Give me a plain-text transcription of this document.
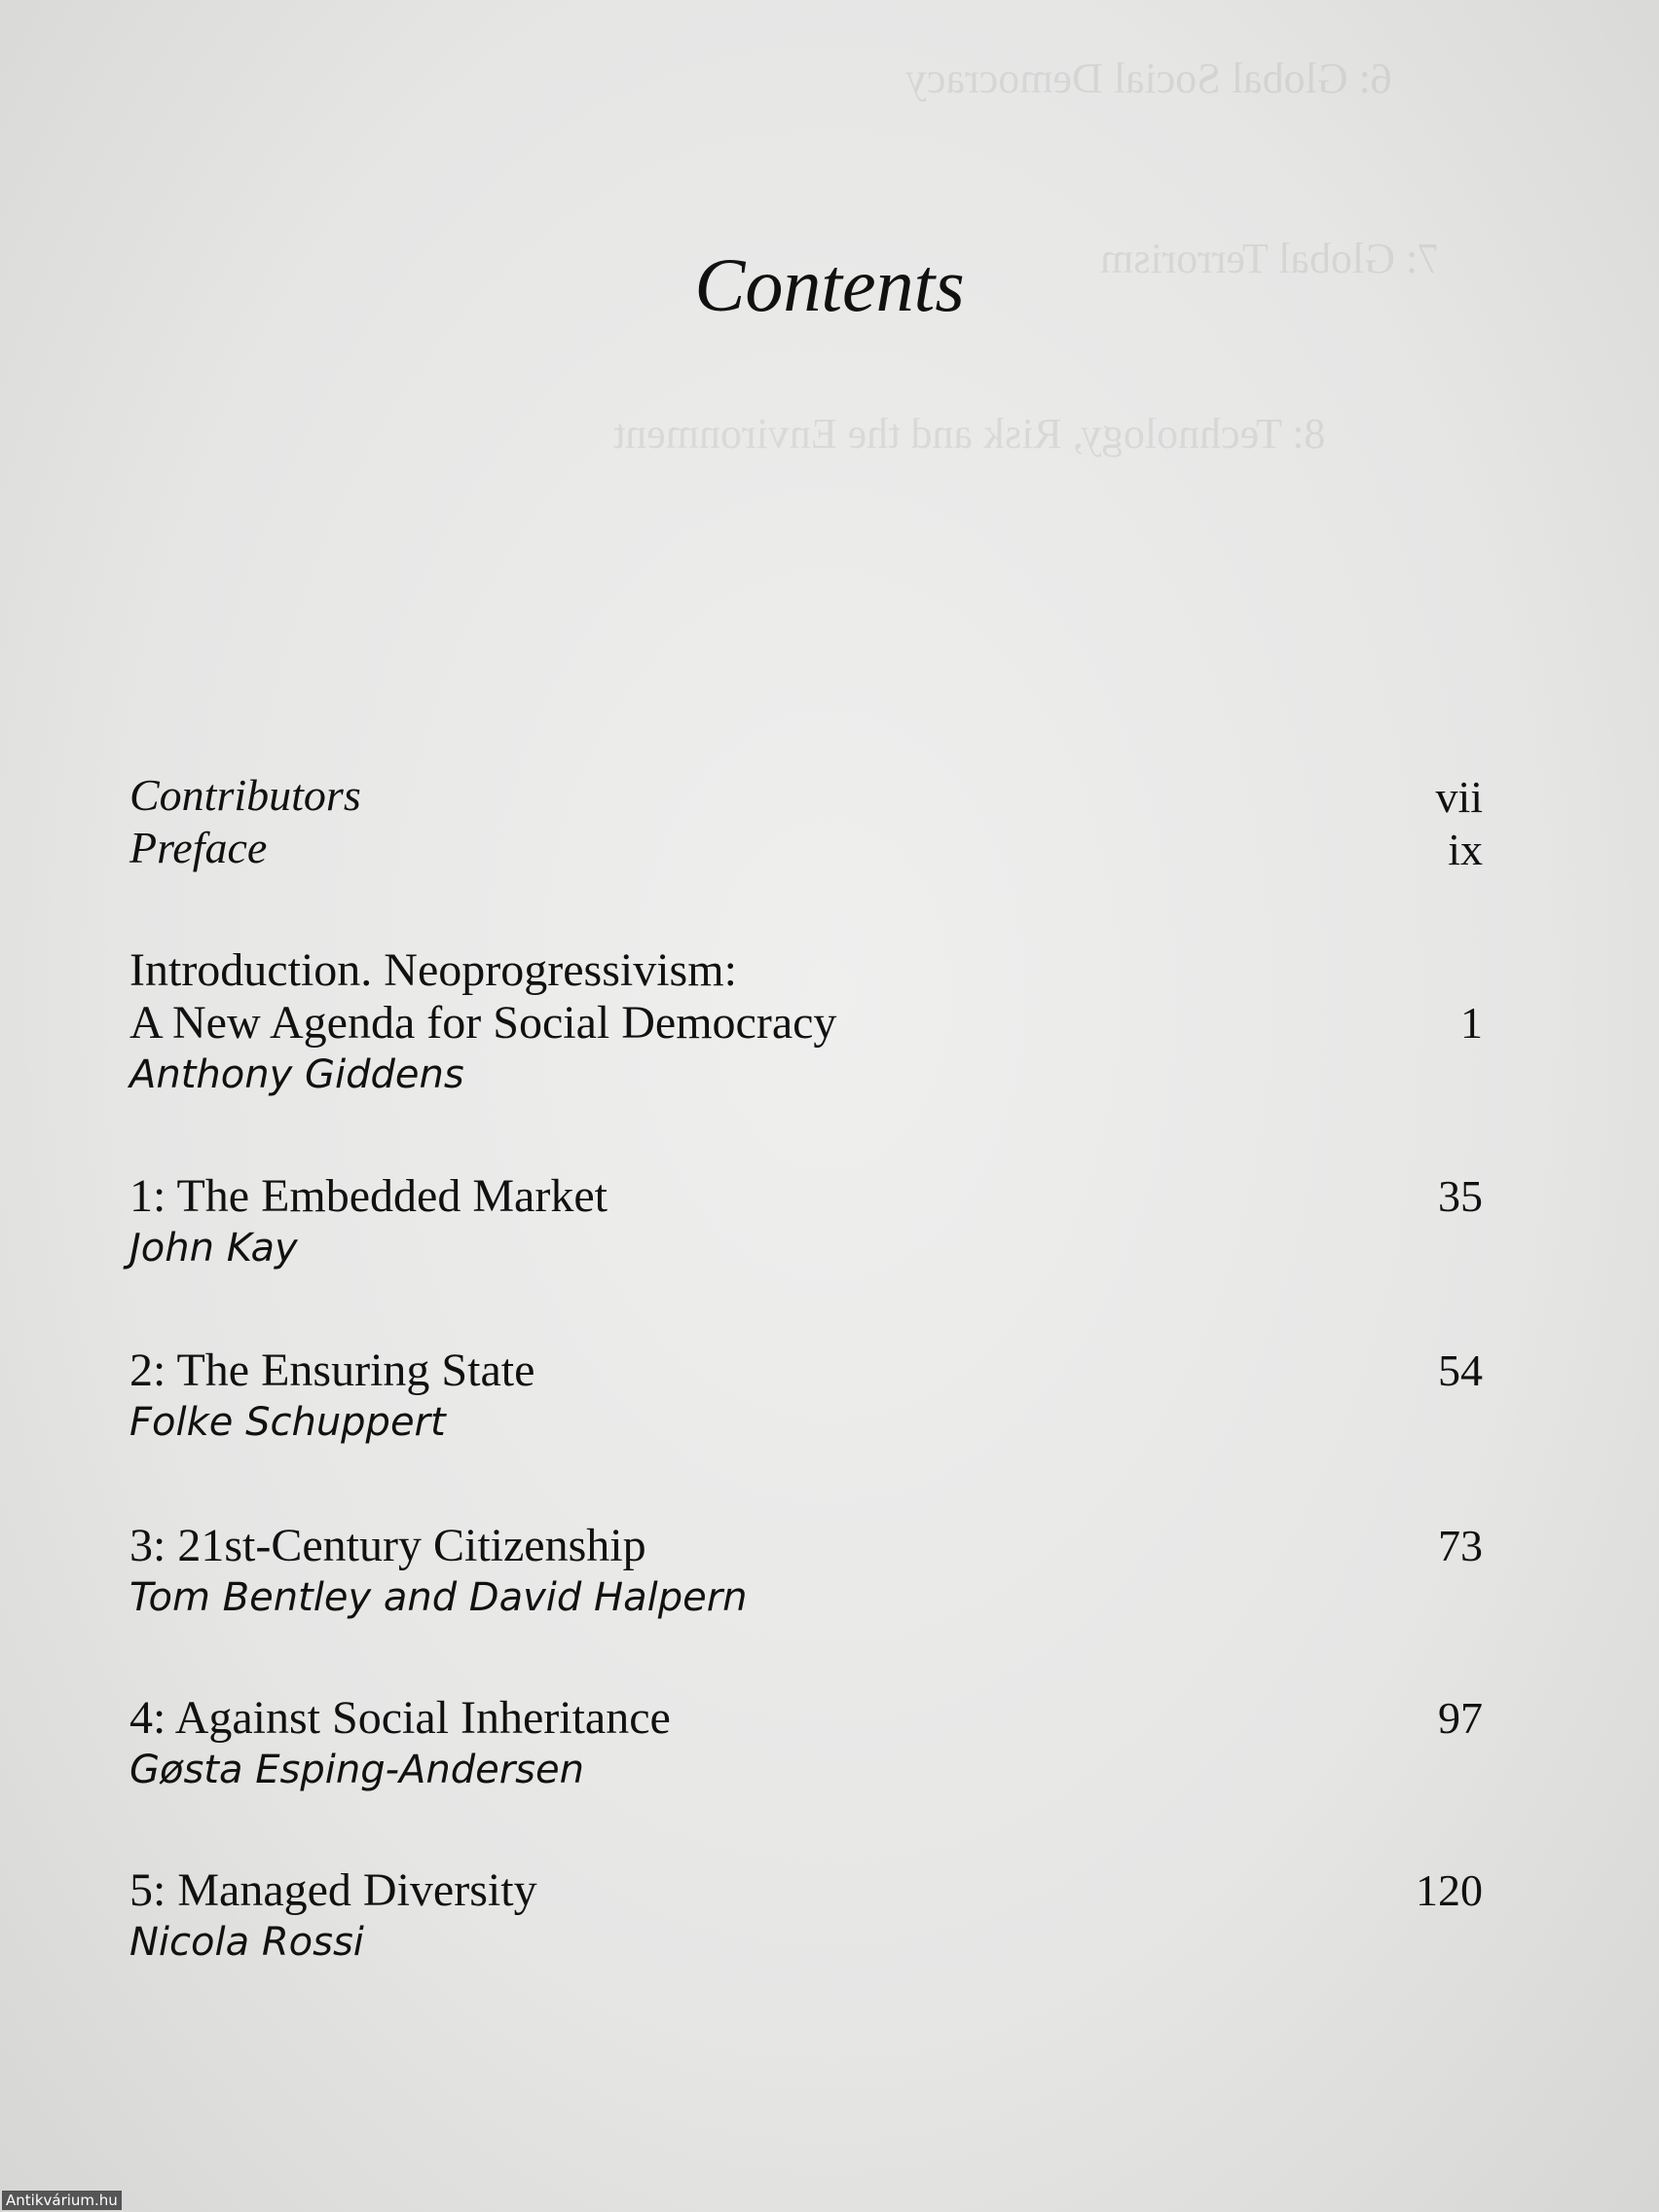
6: Global Social Democracy
7: Global Terrorism
8: Technology, Risk and the Environment
Contents
Contributors	vii
Preface	ix
Introduction. Neoprogressivism:
A New Agenda for Social Democracy
Anthony Giddens
1
1: The Embedded Market
John Kay
35
2: The Ensuring State
Folke Schuppert
54
3: 21st-Century Citizenship
Tom Bentley and David Halpern
73
4: Against Social Inheritance
Gøsta Esping-Andersen
97
5: Managed Diversity
Nicola Rossi
120
Antikvárium.hu
